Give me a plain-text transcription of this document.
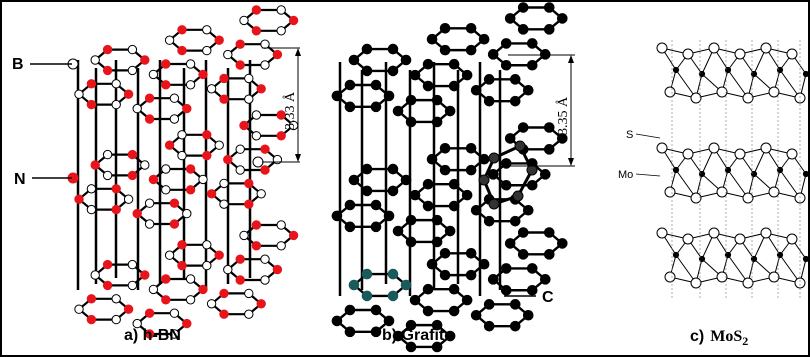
B
N
3.33 Å
a) h-BN
3.35 Å
C
b) Grafit
S
Mo
c) MoS$_2$
